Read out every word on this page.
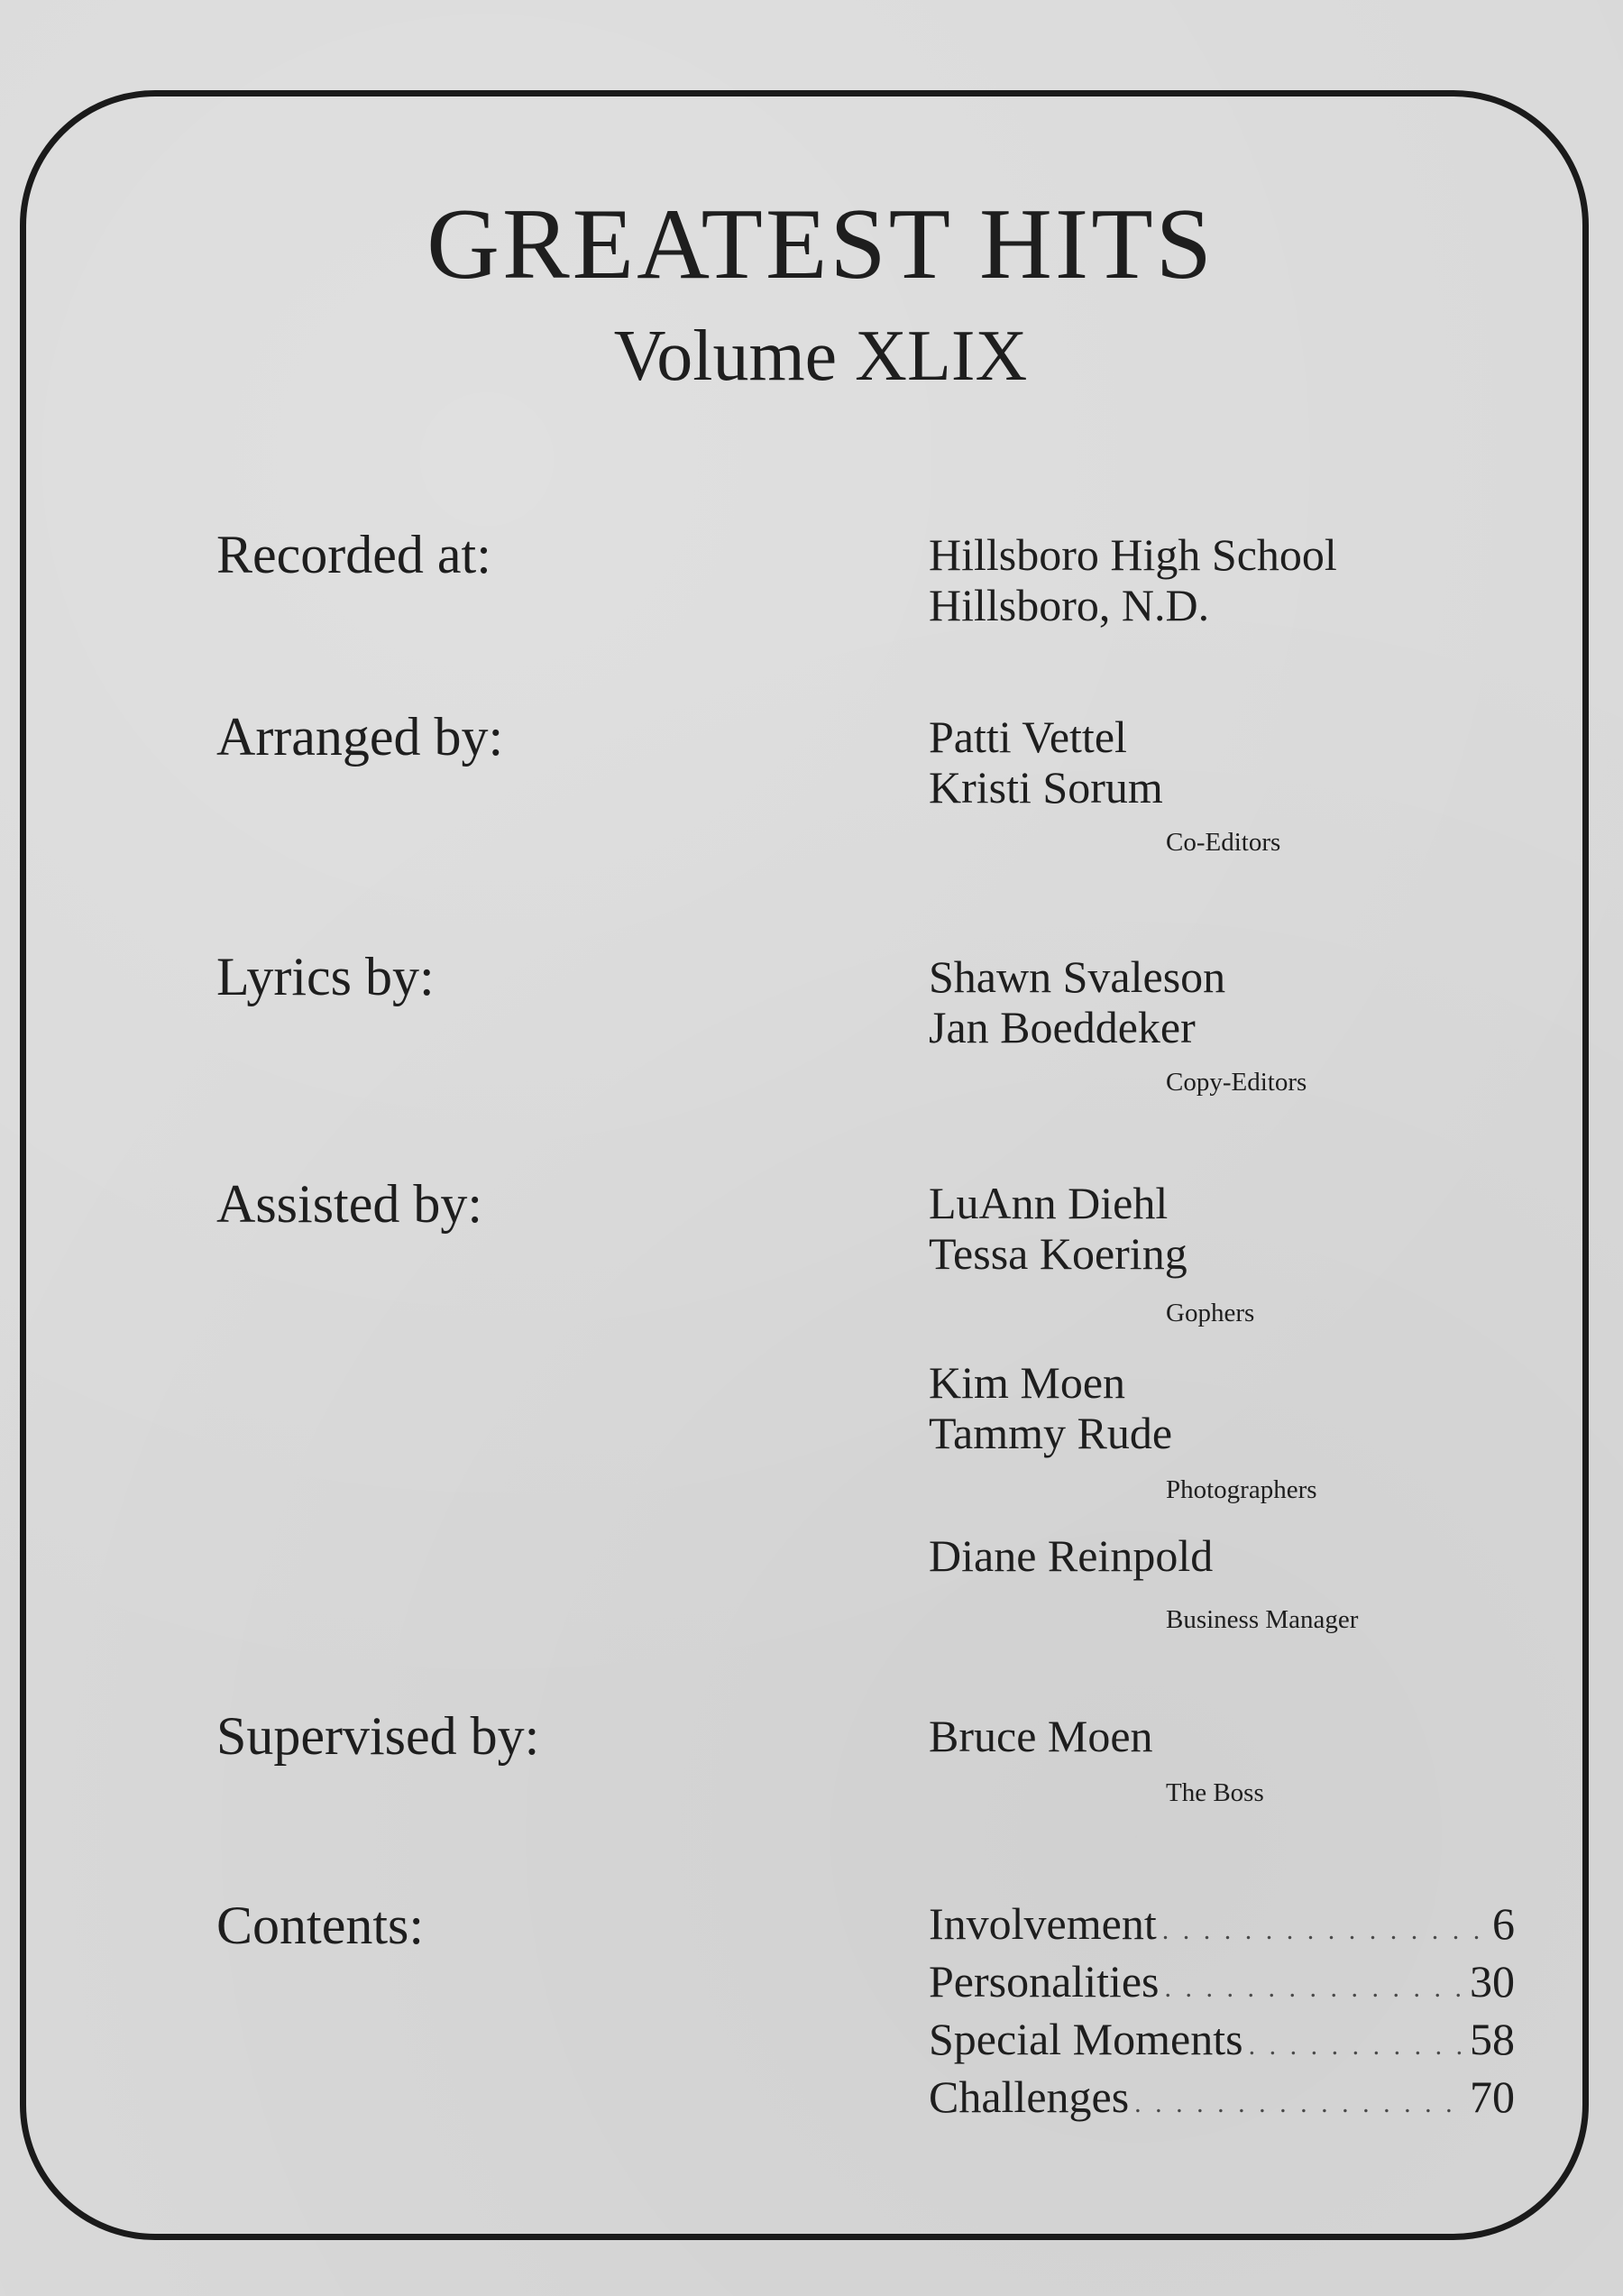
GREATEST HITS
Volume XLIX
Recorded at:	Hillsboro High School
Hillsboro, N.D.
Arranged by:	Patti Vettel
Kristi Sorum
Co-Editors
Lyrics by:	Shawn Svaleson
Jan Boeddeker
Copy-Editors
Assisted by:	LuAnn Diehl
Tessa Koering
Gophers
Kim Moen
Tammy Rude
Photographers
Diane Reinpold
Business Manager
Supervised by:	Bruce Moen
The Boss
Contents:	Involvement . . .	6
Personalities . . .	30
Special Moments . . .	58
Challenges . . .	70
